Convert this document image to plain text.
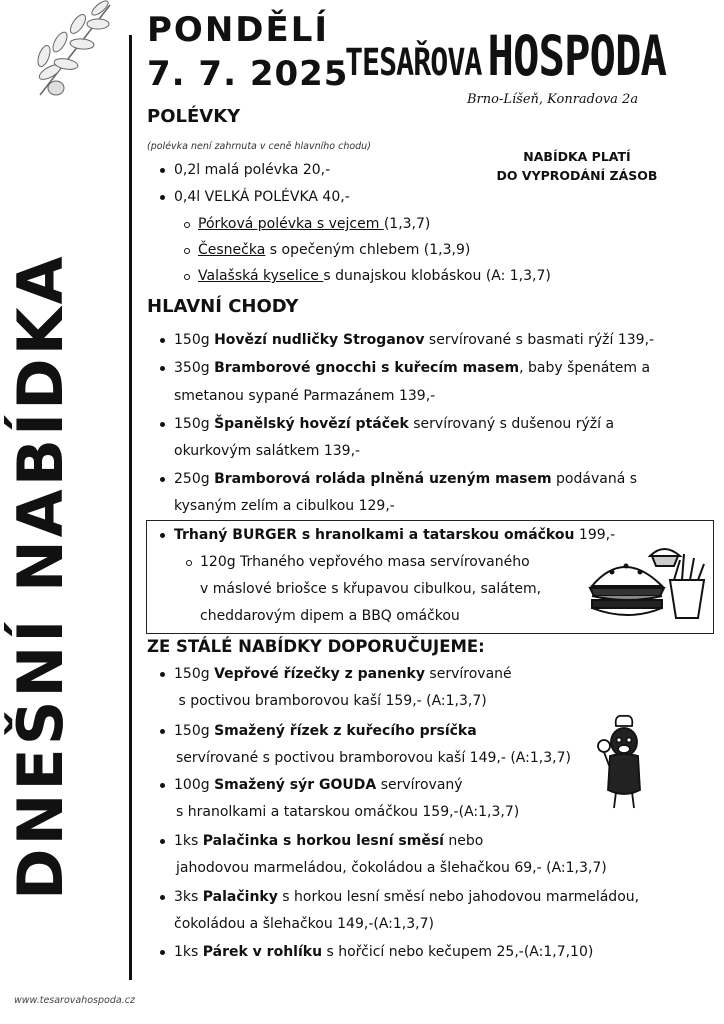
DNEŠNÍ NABÍDKA
PONDĚLÍ
7. 7. 2025
TESAŘOVA HOSPODA
Brno-Líšeň, Konradova 2a
NABÍDKA PLATÍ
DO VYPRODÁNÍ ZÁSOB
POLÉVKY
(polévka není zahrnuta v ceně hlavního chodu)
0,2l malá polévka 20,-
0,4l VELKÁ POLÉVKA 40,-
Pórková polévka s vejcem (1,3,7)
Česnečka s opečeným chlebem (1,3,9)
Valašská kyselice s dunajskou klobáskou (A: 1,3,7)
HLAVNÍ CHODY
150g Hovězí nudličky Stroganov servírované s basmati rýží 139,-
350g Bramborové gnocchi s kuřecím masem, baby špenátem a
smetanou sypané Parmazánem 139,-
150g Španělský hovězí ptáček servírovaný s dušenou rýží a
okurkovým salátkem 139,-
250g Bramborová roláda plněná uzeným masem podávaná s
kysaným zelím a cibulkou 129,-
Trhaný BURGER s hranolkami a tatarskou omáčkou 199,-
120g Trhaného vepřového masa servírovaného
v máslové briošce s křupavou cibulkou, salátem,
cheddarovým dipem a BBQ omáčkou
ZE STÁLÉ NABÍDKY DOPORUČUJEME:
150g Vepřové řízečky z panenky servírované
s poctivou bramborovou kaší 159,- (A:1,3,7)
150g Smažený řízek z kuřecího prsíčka
servírované s poctivou bramborovou kaší 149,- (A:1,3,7)
100g Smažený sýr GOUDA servírovaný
s hranolkami a tatarskou omáčkou 159,-(A:1,3,7)
1ks Palačinka s horkou lesní směsí nebo
jahodovou marmeládou, čokoládou a šlehačkou 69,- (A:1,3,7)
3ks Palačinky s horkou lesní směsí nebo jahodovou marmeládou,
čokoládou a šlehačkou 149,-(A:1,3,7)
1ks Párek v rohlíku s hořčicí nebo kečupem 25,-(A:1,7,10)
www.tesarovahospoda.cz
